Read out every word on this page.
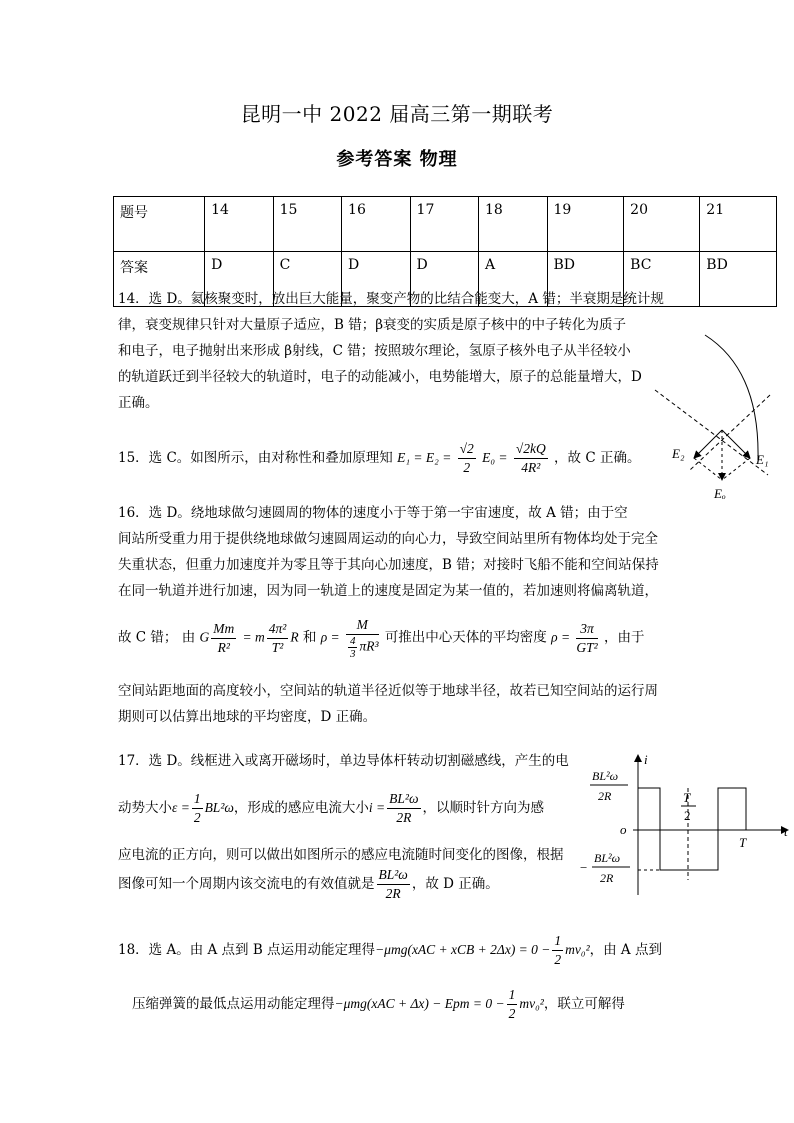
昆明一中 2022 届高三第一期联考
参考答案 物理
题号	14	15	16	17	18	19	20	21
答案	D	C	D	D	A	BD	BC	BD
14．选 D。氦核聚变时，放出巨大能量，聚变产物的比结合能变大，A 错；半衰期是统计规
律，衰变规律只针对大量原子适应，B 错；β衰变的实质是原子核中的中子转化为质子
和电子，电子抛射出来形成 β射线，C 错；按照玻尔理论，氢原子核外电子从半径较小
的轨道跃迁到半径较大的轨道时，电子的动能减小，电势能增大，原子的总能量增大，D
正确。
E₂	E₁
Eₒ
15．选 C。如图所示，由对称性和叠加原理知 $E_1 = E_2 = \frac{√2}{2} E_0 = \frac{√2kQ}{\text{4R²}}$ ，故 C 正确。
16．选 D。绕地球做匀速圆周的物体的速度小于等于第一宇宙速度，故 A 错；由于空
间站所受重力用于提供绕地球做匀速圆周运动的向心力，导致空间站里所有物体均处于完全
失重状态，但重力加速度并为零且等于其向心加速度，B 错；对接时飞船不能和空间站保持
在同一轨道并进行加速，因为同一轨道上的速度是固定为某一值的，若加速则将偏离轨道，
故 C 错； 由 G $\frac{Mm}{\text{R²}} = m \frac{\text{4π²}}{\text{T²}}$ R 和 $\rho = \frac{M}{\frac{4}{3} \pi R^3}$ 可推出中心天体的平均密度 $\rho = \frac{3\pi}{\text{GT²}}$ ，由于
空间站距地面的高度较小，空间站的轨道半径近似等于地球半径，故若已知空间站的运行周
期则可以估算出地球的平均密度，D 正确。
17．选 D。线框进入或离开磁场时，单边导体杆转动切割磁感线，产生的电
动势大小$\varepsilon = \frac{1}{2} BL^2\omega$，形成的感应电流大小$i = \frac{\text{BL²ω}}{2R}$ ，以顺时针方向为感
应电流的正方向，则可以做出如图所示的感应电流随时间变化的图像，根据
图像可知一个周期内该交流电的有效值就是 $\frac{\text{BL²ω}}{2R}$ ，故 D 正确。
i
t
o
T
2
T
BL²ω
2R
−
BL²ω
2R
18．选 A。由 A 点到 B 点运用动能定理得−μmg(xAC + xCB + $2\Delta x) = 0 - \frac{1}{2} mv_0^2$，由 A 点到
压缩弹簧的最低点运用动能定理得−μmg(xAC + Δx) − Epm = $0 - \frac{1}{2} mv_0^2$，联立可解得
